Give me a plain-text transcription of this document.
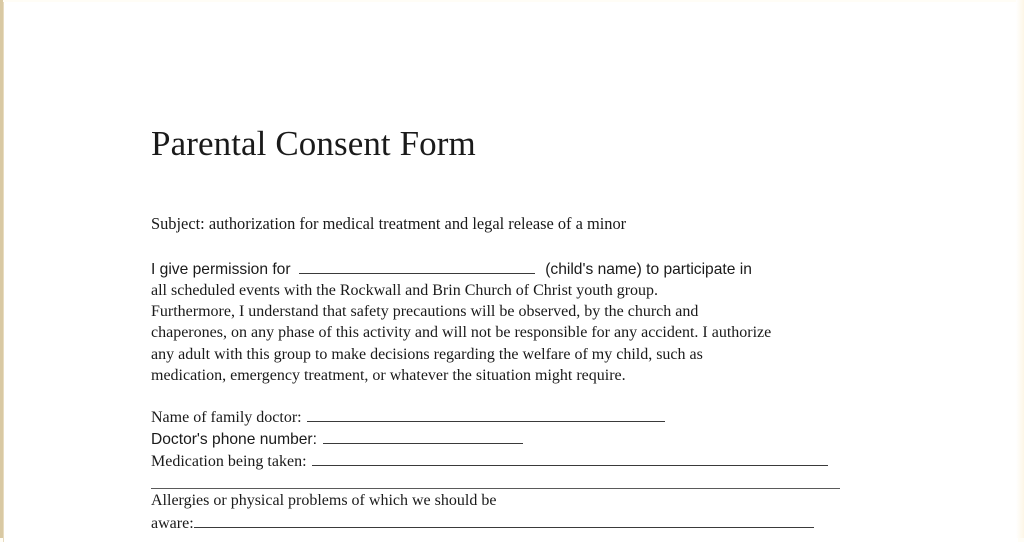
Parental Consent Form
Subject: authorization for medical treatment and legal release of a minor
I give permission for	(child's name) to participate in
all scheduled events with the Rockwall and Brin Church of Christ youth group.
Furthermore, I understand that safety precautions will be observed, by the church and
chaperones, on any phase of this activity and will not be responsible for any accident. I authorize
any adult with this group to make decisions regarding the welfare of my child, such as
medication, emergency treatment, or whatever the situation might require.
Name of family doctor:
Doctor's phone number:
Medication being taken:
Allergies or physical problems of which we should be
aware:
